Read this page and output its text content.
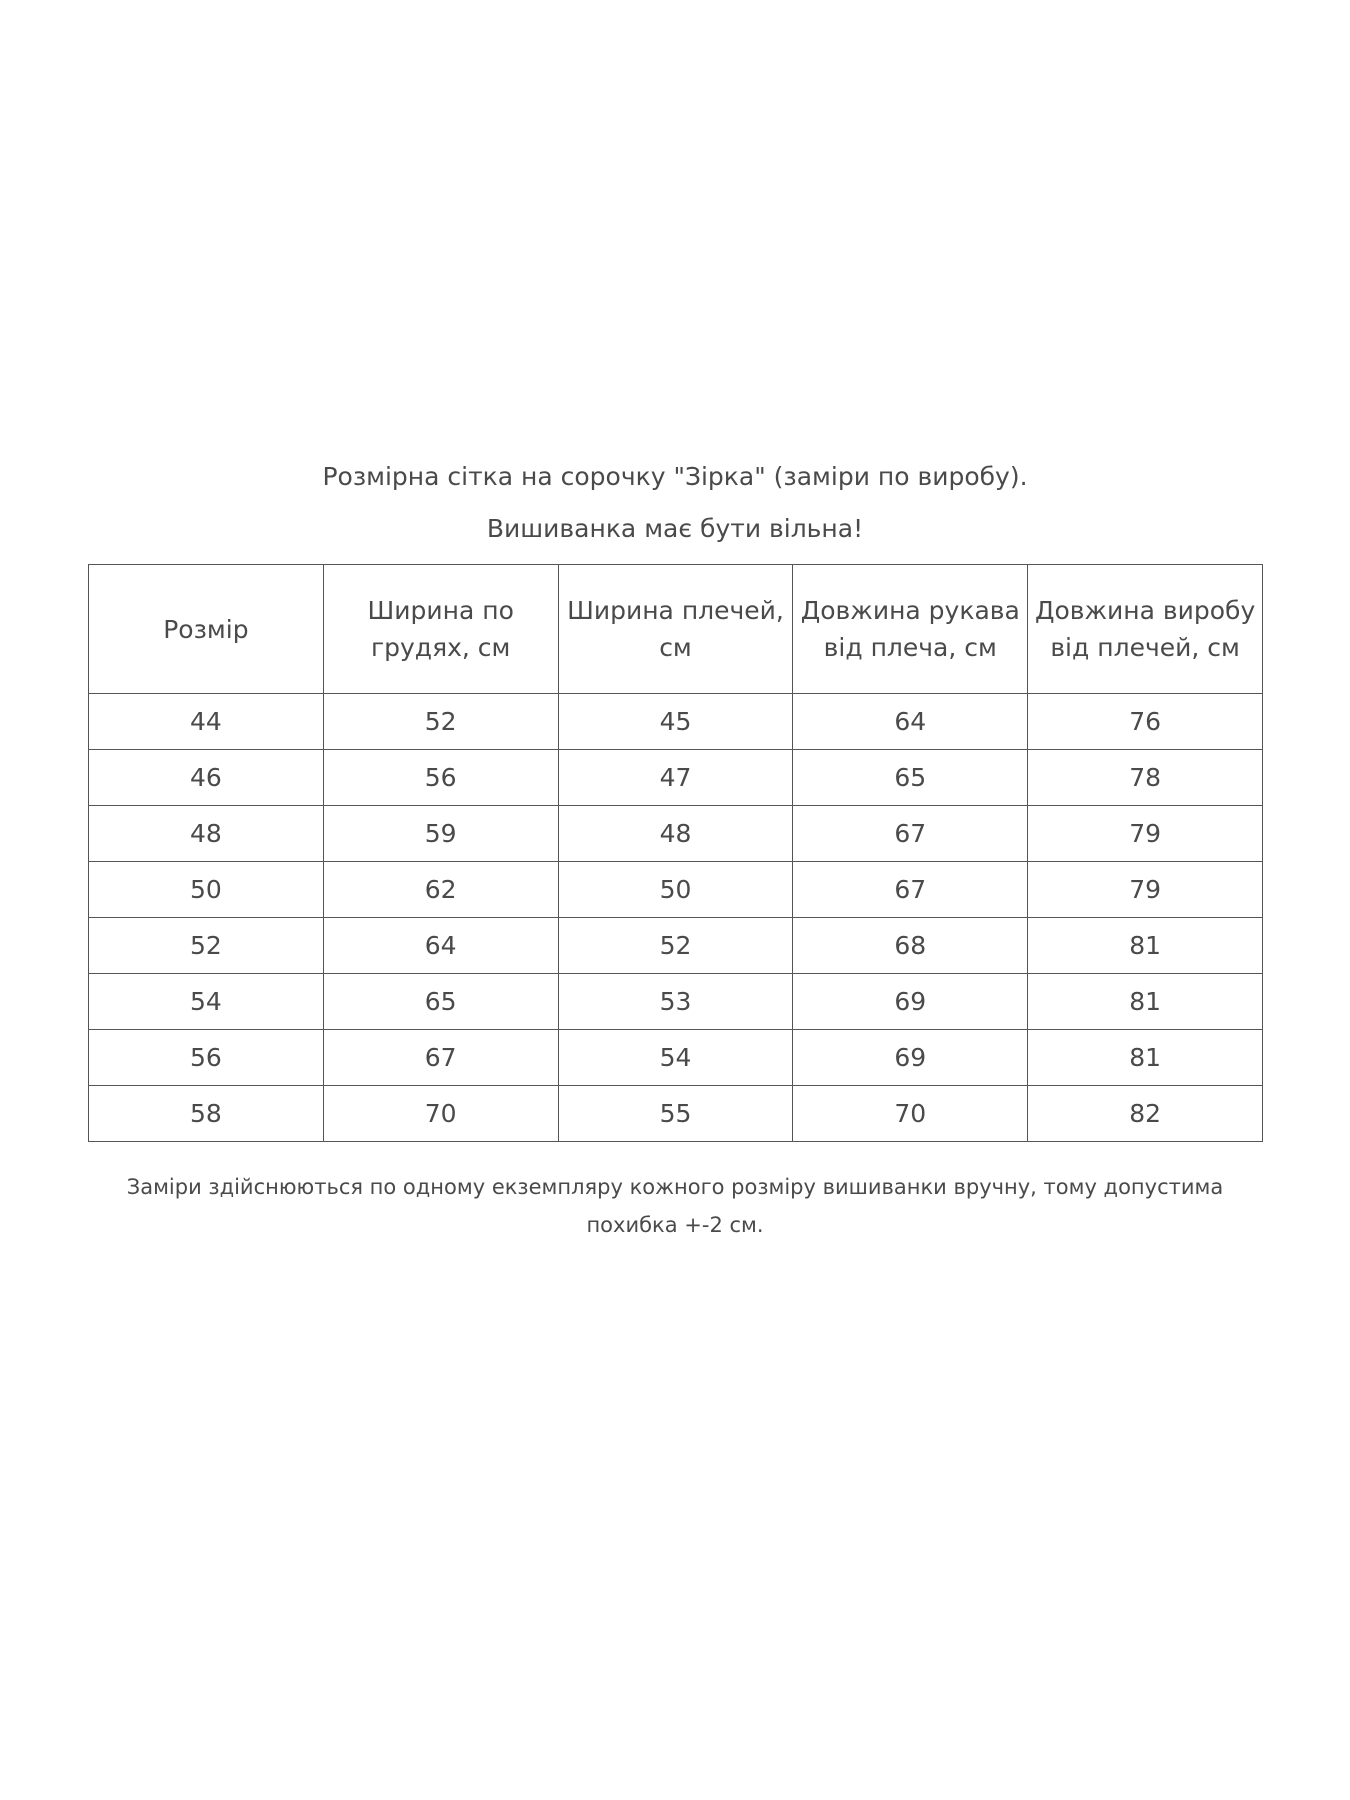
Розмірна сітка на сорочку "Зірка" (заміри по виробу).
Вишиванка має бути вільна!
Розмір	Ширина по грудях, см	Ширина плечей, см	Довжина рукава від плеча, см	Довжина виробу від плечей, см
44	52	45	64	76
46	56	47	65	78
48	59	48	67	79
50	62	50	67	79
52	64	52	68	81
54	65	53	69	81
56	67	54	69	81
58	70	55	70	82
Заміри здійснюються по одному екземпляру кожного розміру вишиванки вручну, тому допустима похибка +-2 см.
